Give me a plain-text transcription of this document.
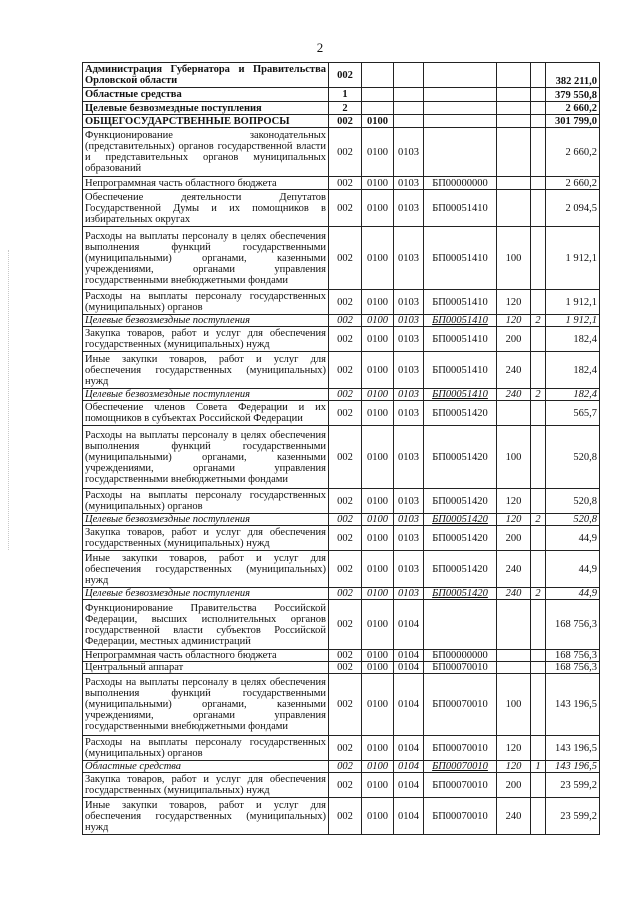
2
Администрация Губернатора и Правительства Орловской области	002						382 211,0
Областные средства	1						379 550,8
Целевые безвозмездные поступления	2						2 660,2
ОБЩЕГОСУДАРСТВЕННЫЕ ВОПРОСЫ	002	0100					301 799,0
Функционирование законодательных (представительных) органов государственной власти и представительных органов муниципальных образований	002	0100	0103				2 660,2
Непрограммная часть областного бюджета	002	0100	0103	БП00000000			2 660,2
Обеспечение деятельности Депутатов Государственной Думы и их помощников в избирательных округах	002	0100	0103	БП00051410			2 094,5
Расходы на выплаты персоналу в целях обеспечения выполнения функций государственными (муниципальными) органами, казенными учреждениями, органами управления государственными внебюджетными фондами	002	0100	0103	БП00051410	100		1 912,1
Расходы на выплаты персоналу государственных (муниципальных) органов	002	0100	0103	БП00051410	120		1 912,1
Целевые безвозмездные поступления	002	0100	0103	БП00051410	120	2	1 912,1
Закупка товаров, работ и услуг для обеспечения государственных (муниципальных) нужд	002	0100	0103	БП00051410	200		182,4
Иные закупки товаров, работ и услуг для обеспечения государственных (муниципальных) нужд	002	0100	0103	БП00051410	240		182,4
Целевые безвозмездные поступления	002	0100	0103	БП00051410	240	2	182,4
Обеспечение членов Совета Федерации и их помощников в субъектах Российской Федерации	002	0100	0103	БП00051420			565,7
Расходы на выплаты персоналу в целях обеспечения выполнения функций государственными (муниципальными) органами, казенными учреждениями, органами управления государственными внебюджетными фондами	002	0100	0103	БП00051420	100		520,8
Расходы на выплаты персоналу государственных (муниципальных) органов	002	0100	0103	БП00051420	120		520,8
Целевые безвозмездные поступления	002	0100	0103	БП00051420	120	2	520,8
Закупка товаров, работ и услуг для обеспечения государственных (муниципальных) нужд	002	0100	0103	БП00051420	200		44,9
Иные закупки товаров, работ и услуг для обеспечения государственных (муниципальных) нужд	002	0100	0103	БП00051420	240		44,9
Целевые безвозмездные поступления	002	0100	0103	БП00051420	240	2	44,9
Функционирование Правительства Российской Федерации, высших исполнительных органов государственной власти субъектов Российской Федерации, местных администраций	002	0100	0104				168 756,3
Непрограммная часть областного бюджета	002	0100	0104	БП00000000			168 756,3
Центральный аппарат	002	0100	0104	БП00070010			168 756,3
Расходы на выплаты персоналу в целях обеспечения выполнения функций государственными (муниципальными) органами, казенными учреждениями, органами управления государственными внебюджетными фондами	002	0100	0104	БП00070010	100		143 196,5
Расходы на выплаты персоналу государственных (муниципальных) органов	002	0100	0104	БП00070010	120		143 196,5
Областные средства	002	0100	0104	БП00070010	120	1	143 196,5
Закупка товаров, работ и услуг для обеспечения государственных (муниципальных) нужд	002	0100	0104	БП00070010	200		23 599,2
Иные закупки товаров, работ и услуг для обеспечения государственных (муниципальных) нужд	002	0100	0104	БП00070010	240		23 599,2
